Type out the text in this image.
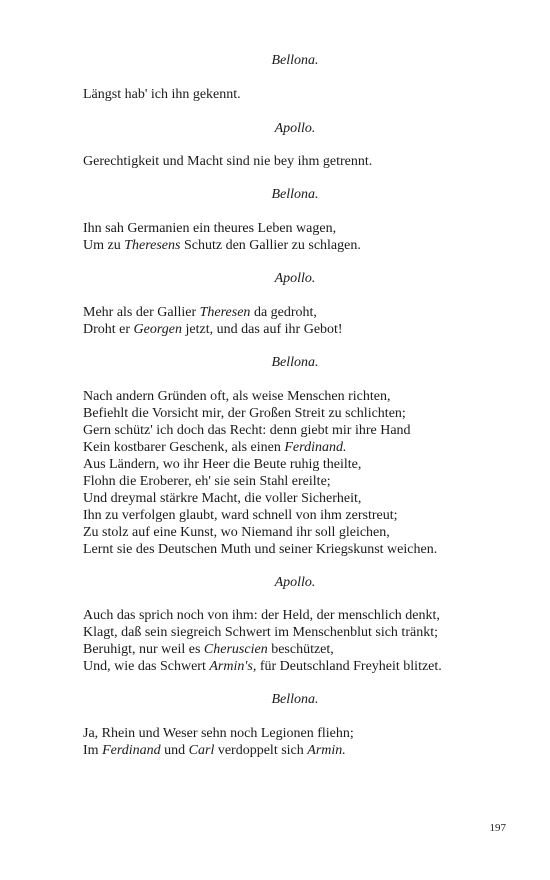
Bellona.

Längst hab' ich ihn gekennt.

Apollo.

Gerechtigkeit und Macht sind nie bey ihm getrennt.

Bellona.

Ihn sah Germanien ein theures Leben wagen,
Um zu Theresens Schutz den Gallier zu schlagen.

Apollo.

Mehr als der Gallier Theresen da gedroht,
Droht er Georgen jetzt, und das auf ihr Gebot!

Bellona.

Nach andern Gründen oft, als weise Menschen richten,
Befiehlt die Vorsicht mir, der Großen Streit zu schlichten;
Gern schütz' ich doch das Recht: denn giebt mir ihre Hand
Kein kostbarer Geschenk, als einen Ferdinand.
Aus Ländern, wo ihr Heer die Beute ruhig theilte,
Flohn die Eroberer, eh' sie sein Stahl ereilte;
Und dreymal stärkre Macht, die voller Sicherheit,
Ihn zu verfolgen glaubt, ward schnell von ihm zerstreut;
Zu stolz auf eine Kunst, wo Niemand ihr soll gleichen,
Lernt sie des Deutschen Muth und seiner Kriegskunst weichen.

Apollo.

Auch das sprich noch von ihm: der Held, der menschlich denkt,
Klagt, daß sein siegreich Schwert im Menschenblut sich tränkt;
Beruhigt, nur weil es Cheruscien beschützet,
Und, wie das Schwert Armin's, für Deutschland Freyheit blitzet.

Bellona.

Ja, Rhein und Weser sehn noch Legionen fliehn;
Im Ferdinand und Carl verdoppelt sich Armin.
197
